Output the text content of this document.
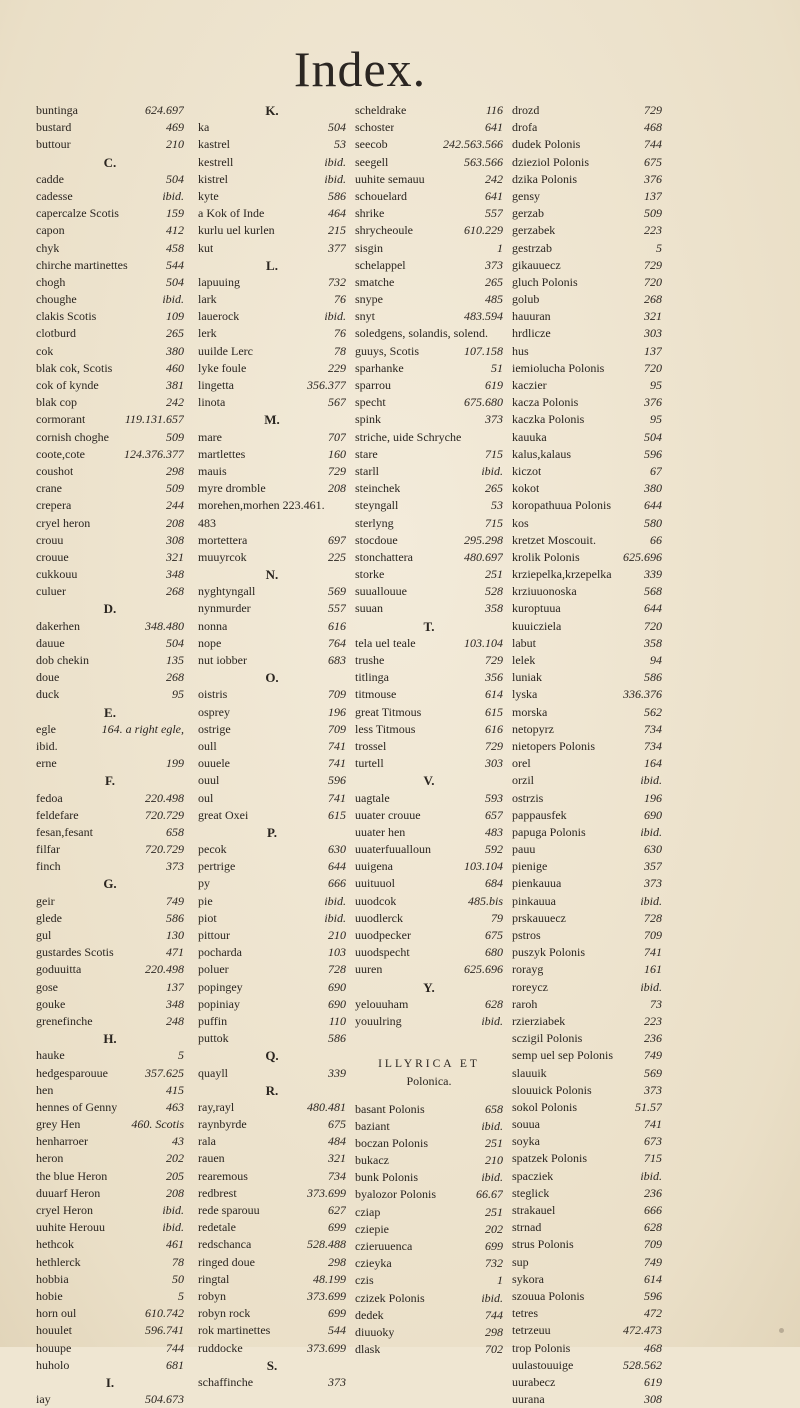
Index.
buntinga	624.697
bustard	469
buttour	210
C.
cadde	504
cadesse	ibid.
capercalze Scotis	159
capon	412
chyk	458
chirche martinettes	544
chogh	504
choughe	ibid.
clakis Scotis	109
clotburd	265
cok	380
blak cok, Scotis	460
cok of kynde	381
blak cop	242
cormorant	119.131.657
cornish choghe	509
coote,cote	124.376.377
coushot	298
crane	509
crepera	244
cryel heron	208
crouu	308
crouue	321
cukkouu	348
culuer	268
D.
dakerhen	348.480
dauue	504
dob chekin	135
doue	268
duck	95
E.
egle	164. a right egle,
ibid.
erne	199
F.
fedoa	220.498
feldefare	720.729
fesan,fesant	658
filfar	720.729
finch	373
G.
geir	749
glede	586
gul	130
gustardes Scotis	471
goduuitta	220.498
gose	137
gouke	348
grenefinche	248
H.
hauke	5
hedgesparouue	357.625
hen	415
hennes of Genny	463
grey Hen	460. Scotis
henharroer	43
heron	202
the blue Heron	205
duuarf Heron	208
cryel Heron	ibid.
uuhite Herouu	ibid.
hethcok	461
hethlerck	78
hobbia	50
hobie	5
horn oul	610.742
houulet	596.741
houupe	744
huholo	681
I.
iay	504.673
K.
ka	504
kastrel	53
kestrell	ibid.
kistrel	ibid.
kyte	586
a Kok of Inde	464
kurlu uel kurlen	215
kut	377
L.
lapuuing	732
lark	76
lauerock	ibid.
lerk	76
uuilde Lerc	78
lyke foule	229
lingetta	356.377
linota	567
M.
mare	707
martlettes	160
mauis	729
myre dromble	208
morehen,morhen 223.461.
483
mortettera	697
muuyrcok	225
N.
nyghtyngall	569
nynmurder	557
nonna	616
nope	764
nut iobber	683
O.
oistris	709
osprey	196
ostrige	709
oull	741
ouuele	741
ouul	596
oul	741
great Oxei	615
P.
pecok	630
pertrige	644
py	666
pie	ibid.
piot	ibid.
pittour	210
pocharda	103
poluer	728
popingey	690
popiniay	690
puffin	110
puttok	586
Q.
quayll	339
R.
ray,rayl	480.481
raynbyrde	675
rala	484
rauen	321
rearemous	734
redbrest	373.699
rede sparouu	627
redetale	699
redschanca	528.488
ringed doue	298
ringtal	48.199
robyn	373.699
robyn rock	699
rok martinettes	544
ruddocke	373.699
S.
schaffinche	373
scheldrake	116
schoster	641
seecob	242.563.566
seegell	563.566
uuhite semauu	242
schouelard	641
shrike	557
shrycheoule	610.229
sisgin	1
schelappel	373
smatche	265
snype	485
snyt	483.594
soledgens, solandis, solend.
guuys, Scotis	107.158
sparhanke	51
sparrou	619
specht	675.680
spink	373
striche, uide Schryche
stare	715
starll	ibid.
steinchek	265
steyngall	53
sterlyng	715
stocdoue	295.298
stonchattera	480.697
storke	251
suuallouue	528
suuan	358
T.
tela uel teale	103.104
trushe	729
titlinga	356
titmouse	614
great Titmous	615
less Titmous	616
trossel	729
turtell	303
V.
uagtale	593
uuater crouue	657
uuater hen	483
uuaterfuualloun	592
uuigena	103.104
uuituuol	684
uuodcok	485.bis
uuodlerck	79
uuodpecker	675
uuodspecht	680
uuren	625.696
Y.
yelouuham	628
youulring	ibid.
ILLYRICA ET
Polonica.
basant Polonis	658
baziant	ibid.
boczan Polonis	251
bukacz	210
bunk Polonis	ibid.
byalozor Polonis	66.67
cziap	251
cziepie	202
czieruuenca	699
czieyka	732
czis	1
czizek Polonis	ibid.
dedek	744
diuuoky	298
dlask	702
drozd	729
drofa	468
dudek Polonis	744
dzieziol Polonis	675
dzika Polonis	376
gensy	137
gerzab	509
gerzabek	223
gestrzab	5
gikauuecz	729
gluch Polonis	720
golub	268
hauuran	321
hrdlicze	303
hus	137
iemiolucha Polonis	720
kaczier	95
kacza Polonis	376
kaczka Polonis	95
kauuka	504
kalus,kalaus	596
kiczot	67
kokot	380
koropathuua Polonis	644
kos	580
kretzet Moscouit.	66
krolik Polonis	625.696
krziepelka,krzepelka	339
krziuuonoska	568
kuroptuua	644
kuuicziela	720
labut	358
lelek	94
luniak	586
lyska	336.376
morska	562
netopyrz	734
nietopers Polonis	734
orel	164
orzil	ibid.
ostrzis	196
pappausfek	690
papuga Polonis	ibid.
pauu	630
pienige	357
pienkauua	373
pinkauua	ibid.
prskauuecz	728
pstros	709
puszyk Polonis	741
rorayg	161
roreycz	ibid.
raroh	73
rzierziabek	223
sczigil Polonis	236
semp uel sep Polonis	749
slauuik	569
slouuick Polonis	373
sokol Polonis	51.57
souua	741
soyka	673
spatzek Polonis	715
spacziek	ibid.
steglick	236
strakauel	666
strnad	628
strus Polonis	709
sup	749
sykora	614
szouua Polonis	596
tetres	472
tetrzeuu	472.473
trop Polonis	468
uulastouuige	528.562
uurabecz	619
uurana	308
